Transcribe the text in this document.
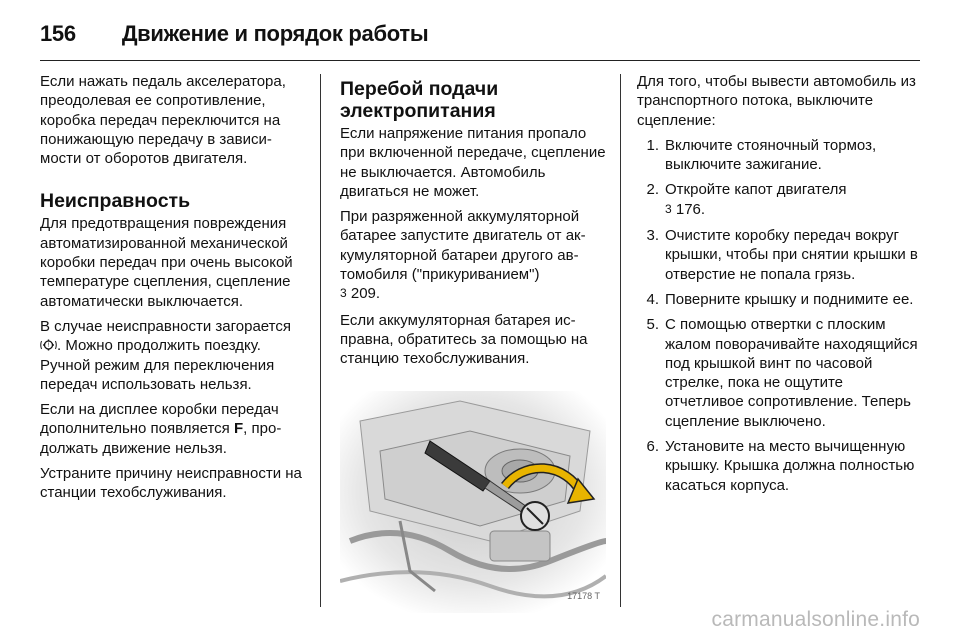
156 Движение и порядок работы

Если нажать педаль акселератора, преодолевая ее сопротивление, коробка передач переключится на понижающую передачу в зависимости от оборотов двигателя.

Неисправность

Для предотвращения повреждения автоматизированной механической коробки передач при очень высокой температуре сцепления, сцепление автоматически выключается.

В случае неисправности загорается
! . Можно продолжить поездку. Ручной режим для переключения передач использовать нельзя.

Если на дисплее коробки передач дополнительно появляется F, продолжать движение нельзя.

Устраните причину неисправности на станции техобслуживания.

Перебой подачи электропитания

Если напряжение питания пропало при включенной передаче, сцепление не выключается. Автомобиль двигаться не может.

При разряженной аккумуляторной батарее запустите двигатель от аккумуляторной батареи другого автомобиля ("прикуриванием")
3 209.

Если аккумуляторная батарея исправна, обратитесь за помощью на станцию техобслуживания.

17178 T

Для того, чтобы вывести автомобиль из транспортного потока, выключите сцепление:

1. Включите стояночный тормоз, выключите зажигание.
2. Откройте капот двигателя
3 176.
3. Очистите коробку передач вокруг крышки, чтобы при снятии крышки в отверстие не попала грязь.
4. Поверните крышку и поднимите ее.
5. С помощью отвертки с плоским жалом поворачивайте находящийся под крышкой винт по часовой стрелке, пока не ощутите отчетливое сопротивление. Теперь сцепление выключено.
6. Установите на место вычищенную крышку. Крышка должна полностью касаться корпуса.
carmanualsonline.info
